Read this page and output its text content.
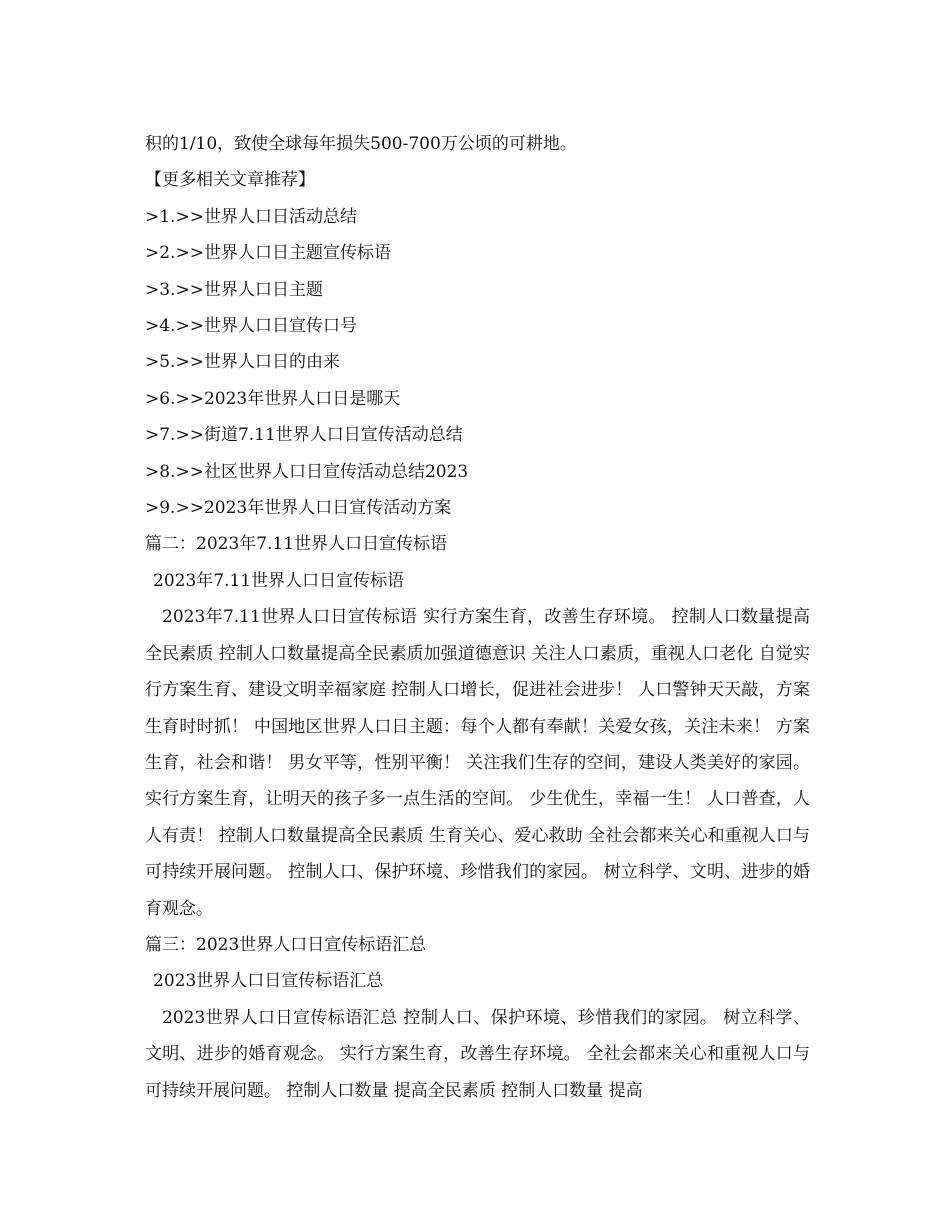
积的1/10，致使全球每年损失500-700万公顷的可耕地。

【更多相关文章推荐】

>1.>>世界人口日活动总结

>2.>>世界人口日主题宣传标语

>3.>>世界人口日主题

>4.>>世界人口日宣传口号

>5.>>世界人口日的由来

>6.>>2023年世界人口日是哪天

>7.>>街道7.11世界人口日宣传活动总结

>8.>>社区世界人口日宣传活动总结2023

>9.>>2023年世界人口日宣传活动方案

篇二：2023年7.11世界人口日宣传标语

2023年7.11世界人口日宣传标语

2023年7.11世界人口日宣传标语 实行方案生育，改善生存环境。 控制人口数量提高全民素质 控制人口数量提高全民素质加强道德意识 关注人口素质，重视人口老化 自觉实行方案生育、建设文明幸福家庭 控制人口增长，促进社会进步！ 人口警钟天天敲，方案生育时时抓！ 中国地区世界人口日主题：每个人都有奉献！关爱女孩，关注未来！ 方案生育，社会和谐！ 男女平等，性别平衡！ 关注我们生存的空间，建设人类美好的家园。 实行方案生育，让明天的孩子多一点生活的空间。 少生优生，幸福一生！ 人口普查，人人有责！ 控制人口数量提高全民素质 生育关心、爱心救助 全社会都来关心和重视人口与可持续开展问题。 控制人口、保护环境、珍惜我们的家园。 树立科学、文明、进步的婚育观念。

篇三：2023世界人口日宣传标语汇总

2023世界人口日宣传标语汇总

2023世界人口日宣传标语汇总 控制人口、保护环境、珍惜我们的家园。 树立科学、文明、进步的婚育观念。 实行方案生育，改善生存环境。 全社会都来关心和重视人口与可持续开展问题。 控制人口数量 提高全民素质 控制人口数量 提高
